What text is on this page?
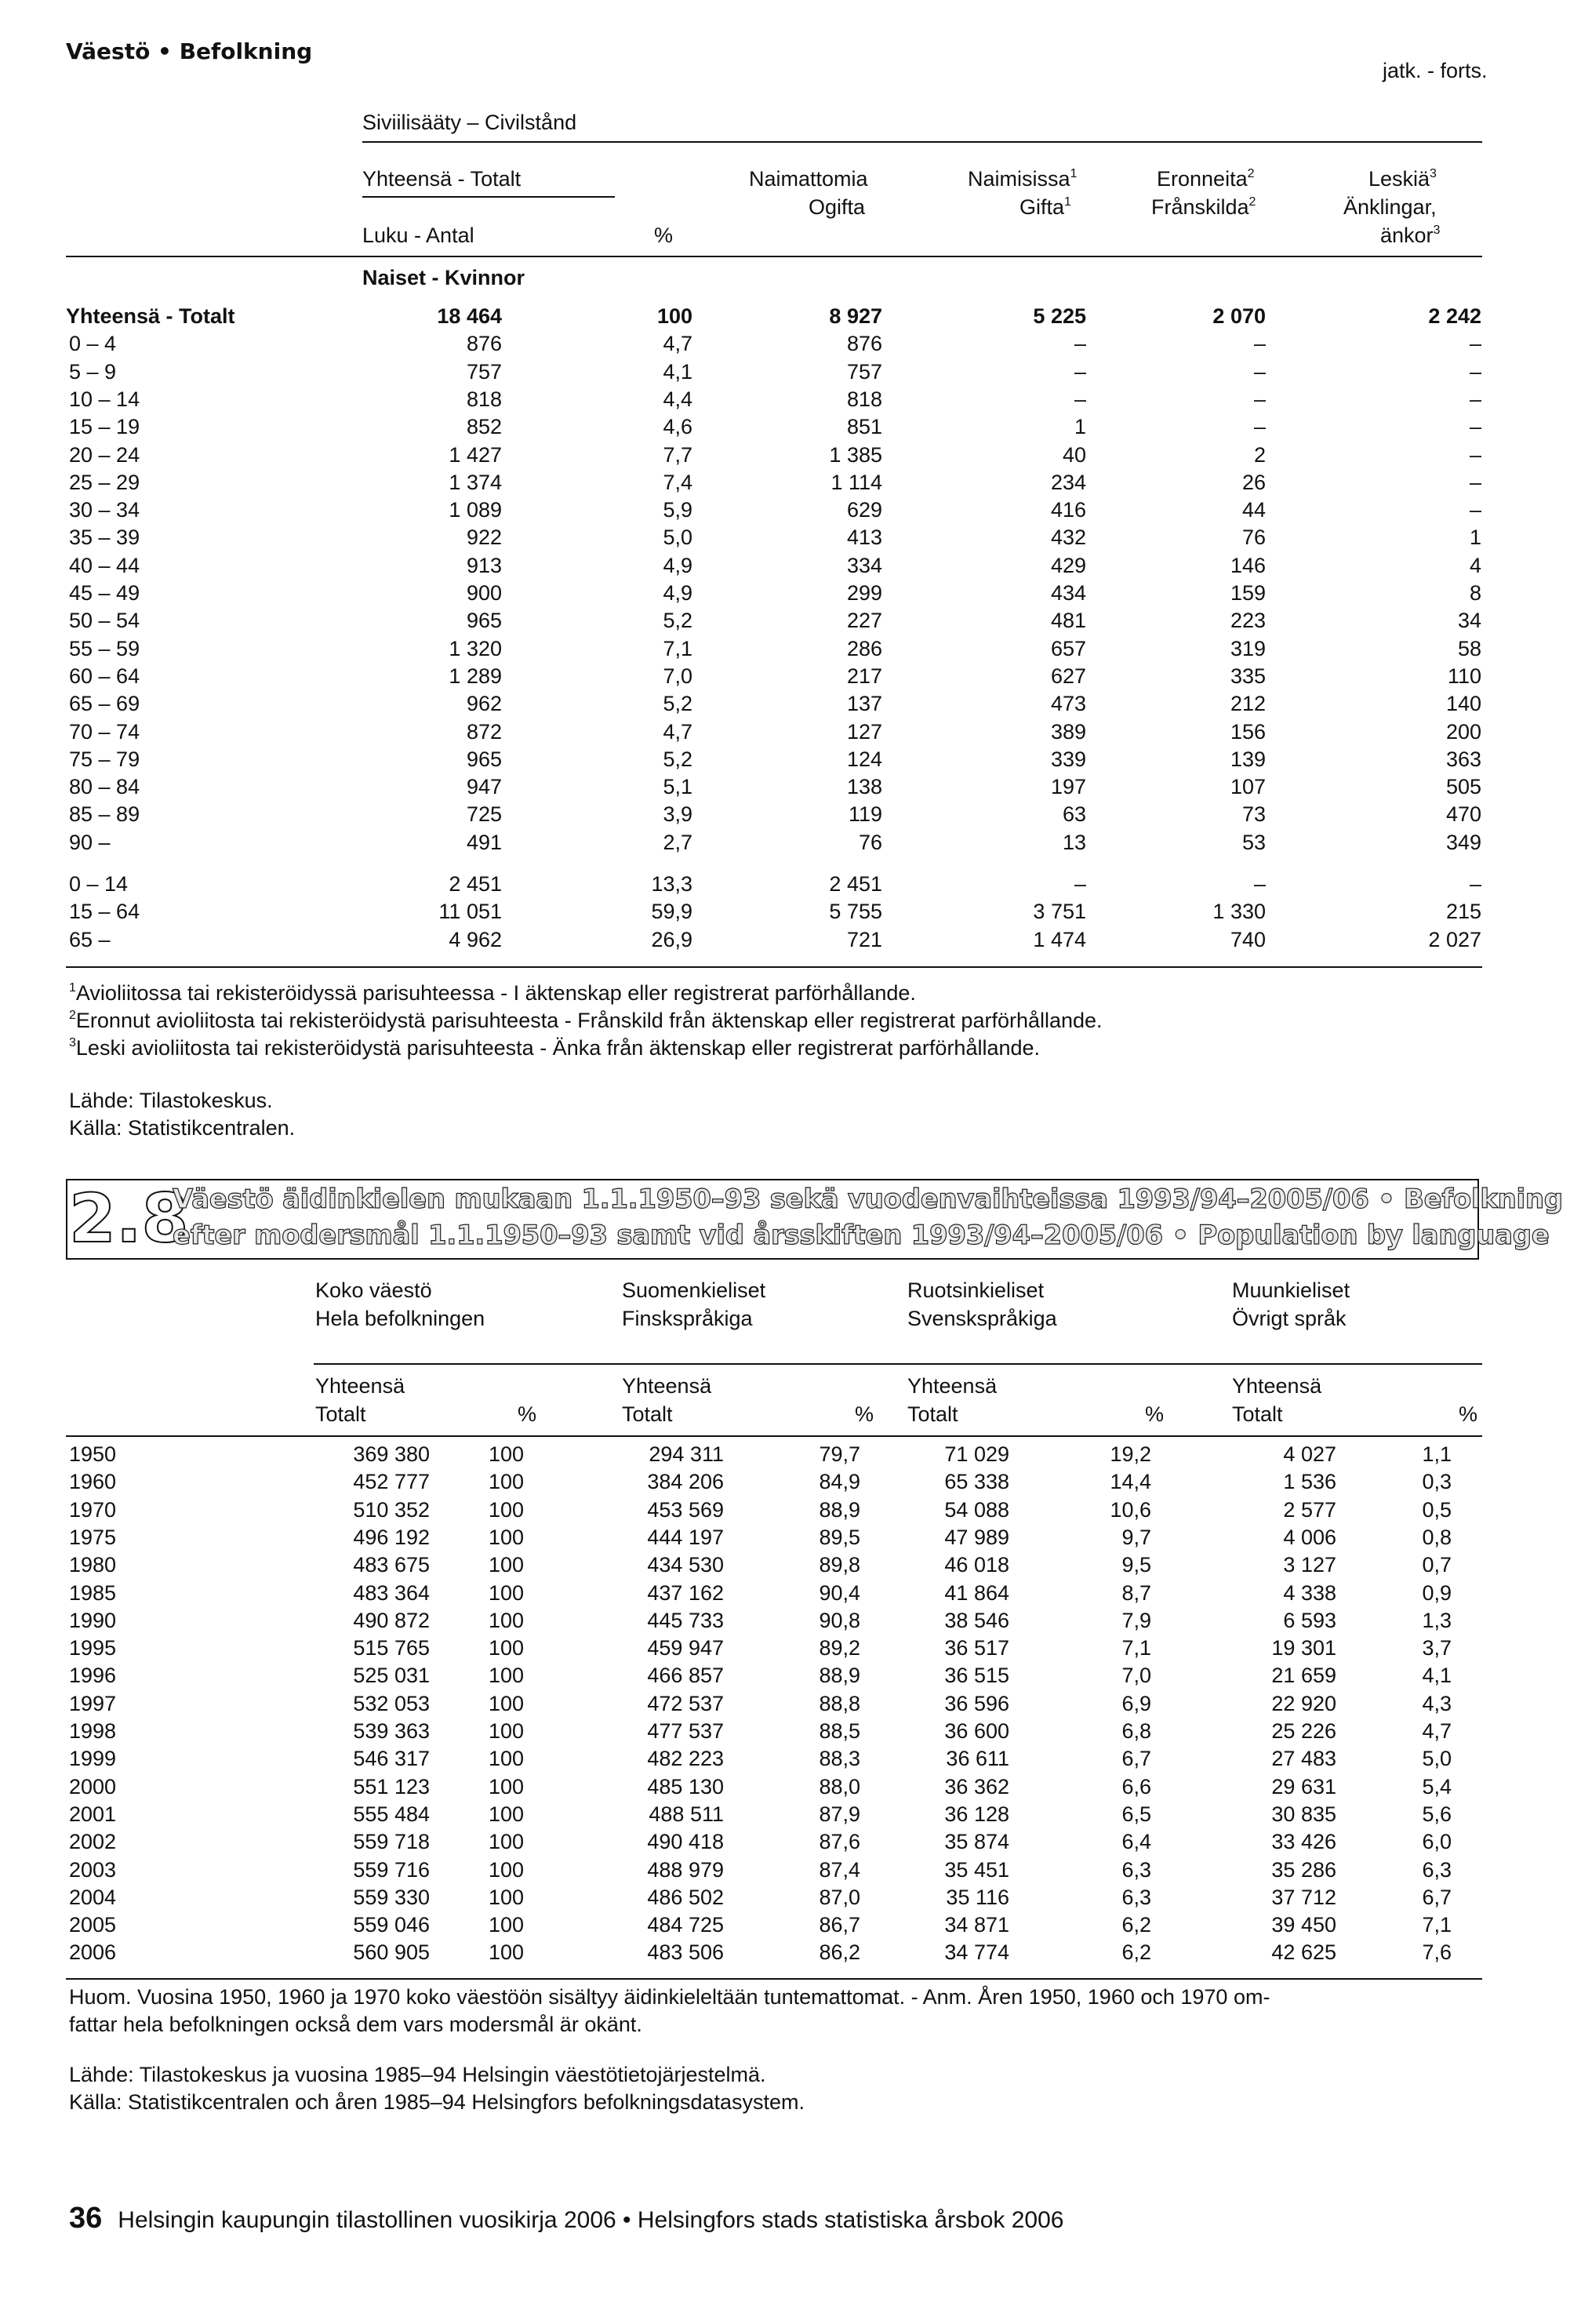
Väestö • Befolkning
jatk. - forts.
Siviilisääty – Civilstånd
Yhteensä - Totalt
Luku - Antal	%
Naimattomia
Ogifta
Naimisissa$^1$
Gifta$^1$
Eronneita$^2$
Frånskilda$^2$
Leskiä$^3$
Änklingar,
änkor$^3$
Naiset - Kvinnor
Yhteensä - Totalt	18 464	100	8 927	5 225	2 070	2 242
0 – 4	876	4,7	876	–	–	–
5 – 9	757	4,1	757	–	–	–
10 – 14	818	4,4	818	–	–	–
15 – 19	852	4,6	851	1	–	–
20 – 24	1 427	7,7	1 385	40	2	–
25 – 29	1 374	7,4	1 114	234	26	–
30 – 34	1 089	5,9	629	416	44	–
35 – 39	922	5,0	413	432	76	1
40 – 44	913	4,9	334	429	146	4
45 – 49	900	4,9	299	434	159	8
50 – 54	965	5,2	227	481	223	34
55 – 59	1 320	7,1	286	657	319	58
60 – 64	1 289	7,0	217	627	335	110
65 – 69	962	5,2	137	473	212	140
70 – 74	872	4,7	127	389	156	200
75 – 79	965	5,2	124	339	139	363
80 – 84	947	5,1	138	197	107	505
85 – 89	725	3,9	119	63	73	470
90 –	491	2,7	76	13	53	349
0 – 14	2 451	13,3	2 451	–	–	–
15 – 64	11 051	59,9	5 755	3 751	1 330	215
65 –	4 962	26,9	721	1 474	740	2 027
$^1$Avioliitossa tai rekisteröidyssä parisuhteessa - I äktenskap eller registrerat parförhållande.
$^2$Eronnut avioliitosta tai rekisteröidystä parisuhteesta - Frånskild från äktenskap eller registrerat parförhållande.
$^3$Leski avioliitosta tai rekisteröidystä parisuhteesta - Änka från äktenskap eller registrerat parförhållande.
Lähde: Tilastokeskus.
Källa: Statistikcentralen.
2.8
Väestö äidinkielen mukaan 1.1.1950–93 sekä vuodenvaihteissa 1993/94–2005/06 • Befolkning
efter modersmål 1.1.1950–93 samt vid årsskiften 1993/94–2005/06 • Population by language
Koko väestö
Hela befolkningen
Suomenkieliset
Finskspråkiga
Ruotsinkieliset
Svenskspråkiga
Muunkieliset
Övrigt språk
Yhteensä
Totalt	%
Yhteensä
Totalt	%
Yhteensä
Totalt	%
Yhteensä
Totalt	%
1950	369 380	100	294 311	79,7	71 029	19,2	4 027	1,1
1960	452 777	100	384 206	84,9	65 338	14,4	1 536	0,3
1970	510 352	100	453 569	88,9	54 088	10,6	2 577	0,5
1975	496 192	100	444 197	89,5	47 989	9,7	4 006	0,8
1980	483 675	100	434 530	89,8	46 018	9,5	3 127	0,7
1985	483 364	100	437 162	90,4	41 864	8,7	4 338	0,9
1990	490 872	100	445 733	90,8	38 546	7,9	6 593	1,3
1995	515 765	100	459 947	89,2	36 517	7,1	19 301	3,7
1996	525 031	100	466 857	88,9	36 515	7,0	21 659	4,1
1997	532 053	100	472 537	88,8	36 596	6,9	22 920	4,3
1998	539 363	100	477 537	88,5	36 600	6,8	25 226	4,7
1999	546 317	100	482 223	88,3	36 611	6,7	27 483	5,0
2000	551 123	100	485 130	88,0	36 362	6,6	29 631	5,4
2001	555 484	100	488 511	87,9	36 128	6,5	30 835	5,6
2002	559 718	100	490 418	87,6	35 874	6,4	33 426	6,0
2003	559 716	100	488 979	87,4	35 451	6,3	35 286	6,3
2004	559 330	100	486 502	87,0	35 116	6,3	37 712	6,7
2005	559 046	100	484 725	86,7	34 871	6,2	39 450	7,1
2006	560 905	100	483 506	86,2	34 774	6,2	42 625	7,6
Huom. Vuosina 1950, 1960 ja 1970 koko väestöön sisältyy äidinkieleltään tuntemattomat. - Anm. Åren 1950, 1960 och 1970 om-
fattar hela befolkningen också dem vars modersmål är okänt.
Lähde: Tilastokeskus ja vuosina 1985–94 Helsingin väestötietojärjestelmä.
Källa: Statistikcentralen och åren 1985–94 Helsingfors befolkningsdatasystem.
36 Helsingin kaupungin tilastollinen vuosikirja 2006 • Helsingfors stads statistiska årsbok 2006
